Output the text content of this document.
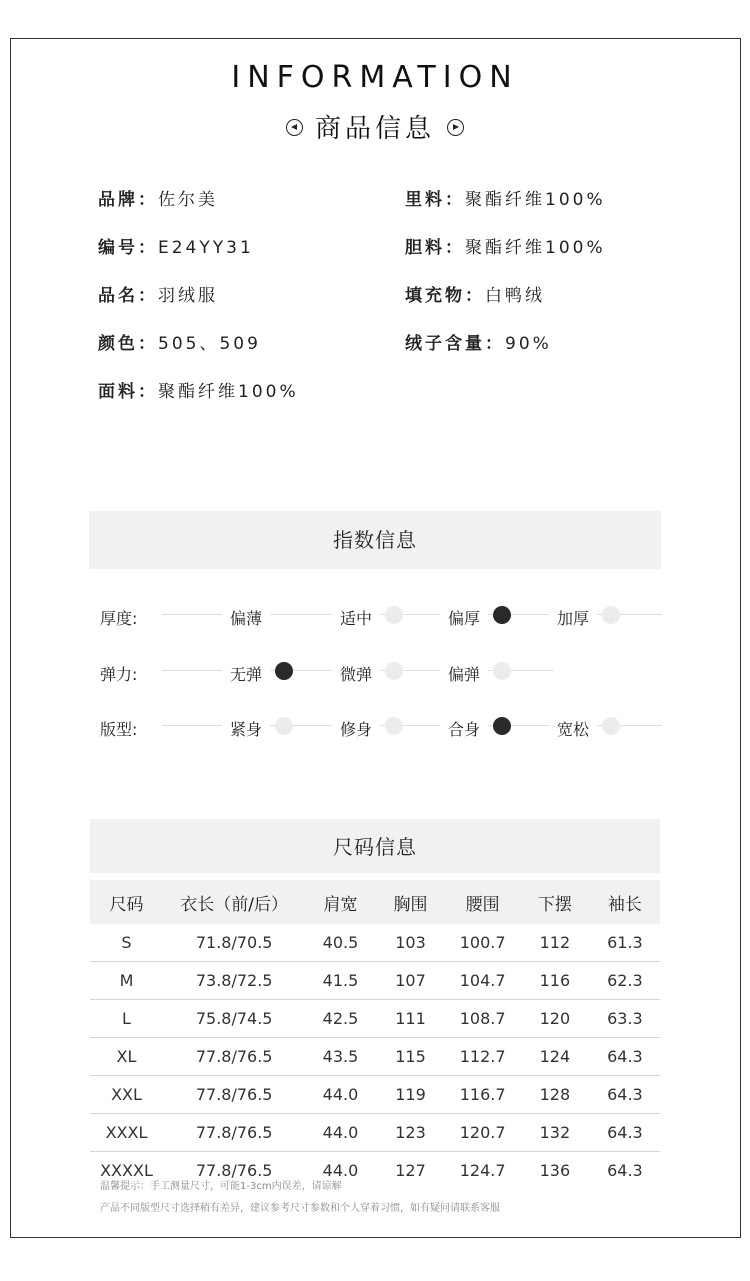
INFORMATION
商品信息
品牌：佐尔美
编号：E24YY31
品名：羽绒服
颜色：505、509
面料：聚酯纤维100%
里料：聚酯纤维100%
胆料：聚酯纤维100%
填充物：白鸭绒
绒子含量：90%
指数信息
厚度:	偏薄	适中	偏厚	加厚
弹力:	无弹	微弹	偏弹
版型:	紧身	修身	合身	宽松
尺码信息
尺码	衣长（前/后）	肩宽	胸围	腰围	下摆	袖长
S	71.8/70.5	40.5	103	100.7	112	61.3
M	73.8/72.5	41.5	107	104.7	116	62.3
L	75.8/74.5	42.5	111	108.7	120	63.3
XL	77.8/76.5	43.5	115	112.7	124	64.3
XXL	77.8/76.5	44.0	119	116.7	128	64.3
XXXL	77.8/76.5	44.0	123	120.7	132	64.3
XXXXL	77.8/76.5	44.0	127	124.7	136	64.3
温馨提示：手工测量尺寸，可能1-3cm内误差，请谅解
产品不同版型尺寸选择稍有差异，建议参考尺寸参数和个人穿着习惯，如有疑问请联系客服
